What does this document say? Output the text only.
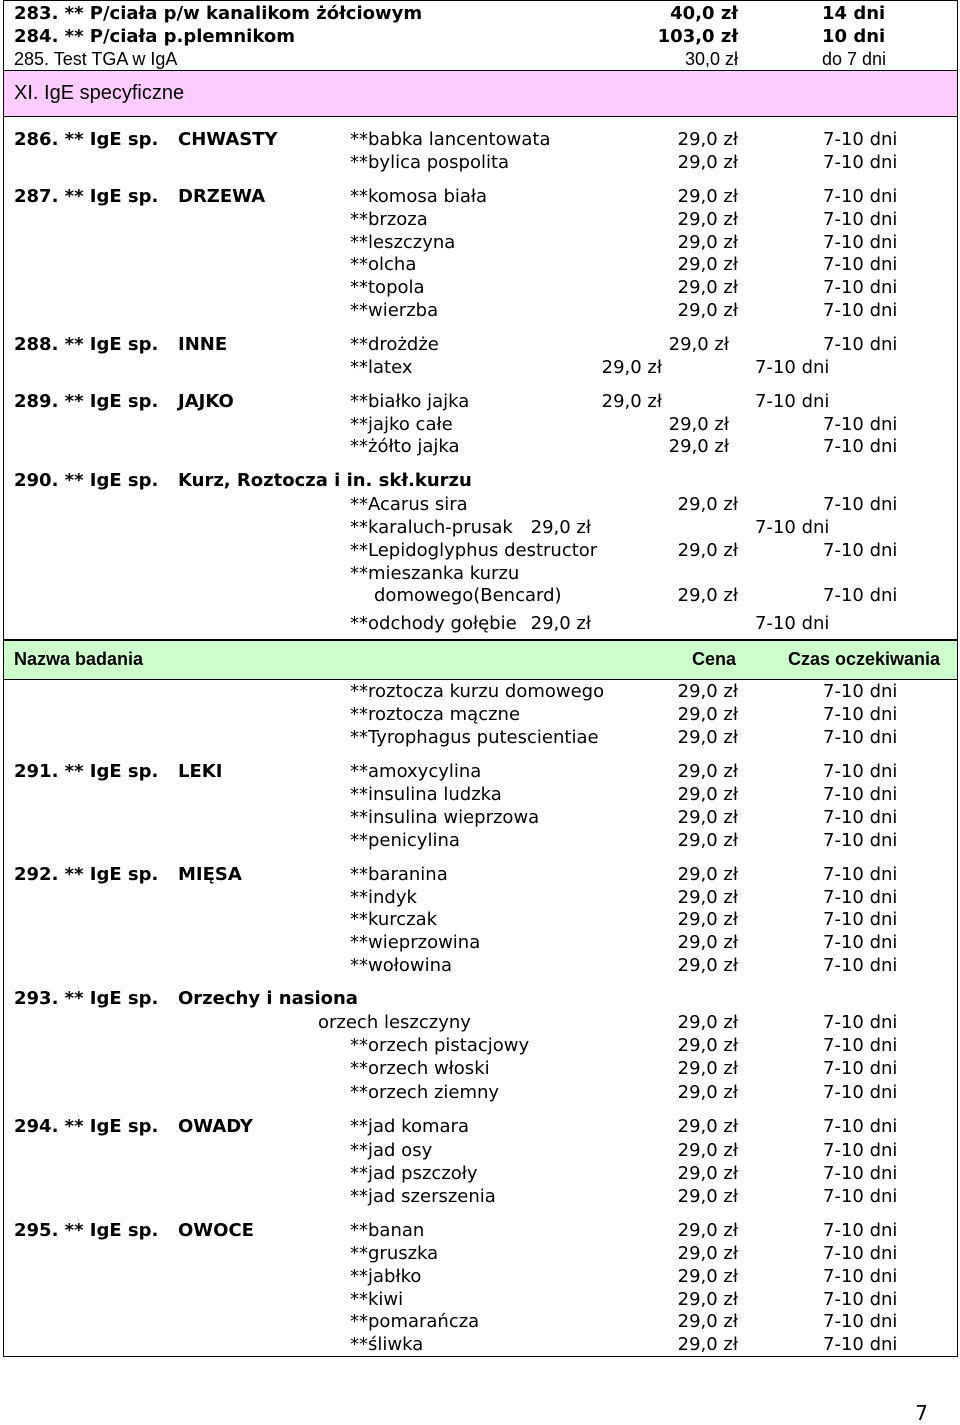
XI. IgE specyficzne
Nazwa badania	Cena	Czas oczekiwania
283. ** P/ciała p/w kanalikom żółciowym	40,0 zł	14 dni
284. ** P/ciała p.plemnikom	103,0 zł	10 dni
285. Test TGA w IgA	30,0 zł	do 7 dni
286. ** IgE sp. CHWASTY	**babka lancentowata	29,0 zł	7-10 dni
**bylica pospolita	29,0 zł	7-10 dni
287. ** IgE sp. DRZEWA	**komosa biała	29,0 zł	7-10 dni
**brzoza	29,0 zł	7-10 dni
**leszczyna	29,0 zł	7-10 dni
**olcha	29,0 zł	7-10 dni
**topola	29,0 zł	7-10 dni
**wierzba	29,0 zł	7-10 dni
288. ** IgE sp. INNE	**drożdże	29,0 zł	7-10 dni
**latex	29,0 zł	7-10 dni
289. ** IgE sp. JAJKO	**białko jajka	29,0 zł	7-10 dni
**jajko całe	29,0 zł	7-10 dni
**żółto jajka	29,0 zł	7-10 dni
290. ** IgE sp. Kurz, Roztocza i in. skł.kurzu
**Acarus sira	29,0 zł	7-10 dni
**karaluch-prusak 29,0 zł	7-10 dni
**Lepidoglyphus destructor	29,0 zł	7-10 dni
**mieszanka kurzu
domowego(Bencard)	29,0 zł	7-10 dni
**odchody gołębie 29,0 zł	7-10 dni
**roztocza kurzu domowego	29,0 zł	7-10 dni
**roztocza mączne	29,0 zł	7-10 dni
**Tyrophagus putescientiae	29,0 zł	7-10 dni
291. ** IgE sp. LEKI	**amoxycylina	29,0 zł	7-10 dni
**insulina ludzka	29,0 zł	7-10 dni
**insulina wieprzowa	29,0 zł	7-10 dni
**penicylina	29,0 zł	7-10 dni
292. ** IgE sp. MIĘSA	**baranina	29,0 zł	7-10 dni
**indyk	29,0 zł	7-10 dni
**kurczak	29,0 zł	7-10 dni
**wieprzowina	29,0 zł	7-10 dni
**wołowina	29,0 zł	7-10 dni
293. ** IgE sp. Orzechy i nasiona
orzech leszczyny	29,0 zł	7-10 dni
**orzech pistacjowy	29,0 zł	7-10 dni
**orzech włoski	29,0 zł	7-10 dni
**orzech ziemny	29,0 zł	7-10 dni
294. ** IgE sp. OWADY	**jad komara	29,0 zł	7-10 dni
**jad osy	29,0 zł	7-10 dni
**jad pszczoły	29,0 zł	7-10 dni
**jad szerszenia	29,0 zł	7-10 dni
295. ** IgE sp. OWOCE	**banan	29,0 zł	7-10 dni
**gruszka	29,0 zł	7-10 dni
**jabłko	29,0 zł	7-10 dni
**kiwi	29,0 zł	7-10 dni
**pomarańcza	29,0 zł	7-10 dni
**śliwka	29,0 zł	7-10 dni
7
